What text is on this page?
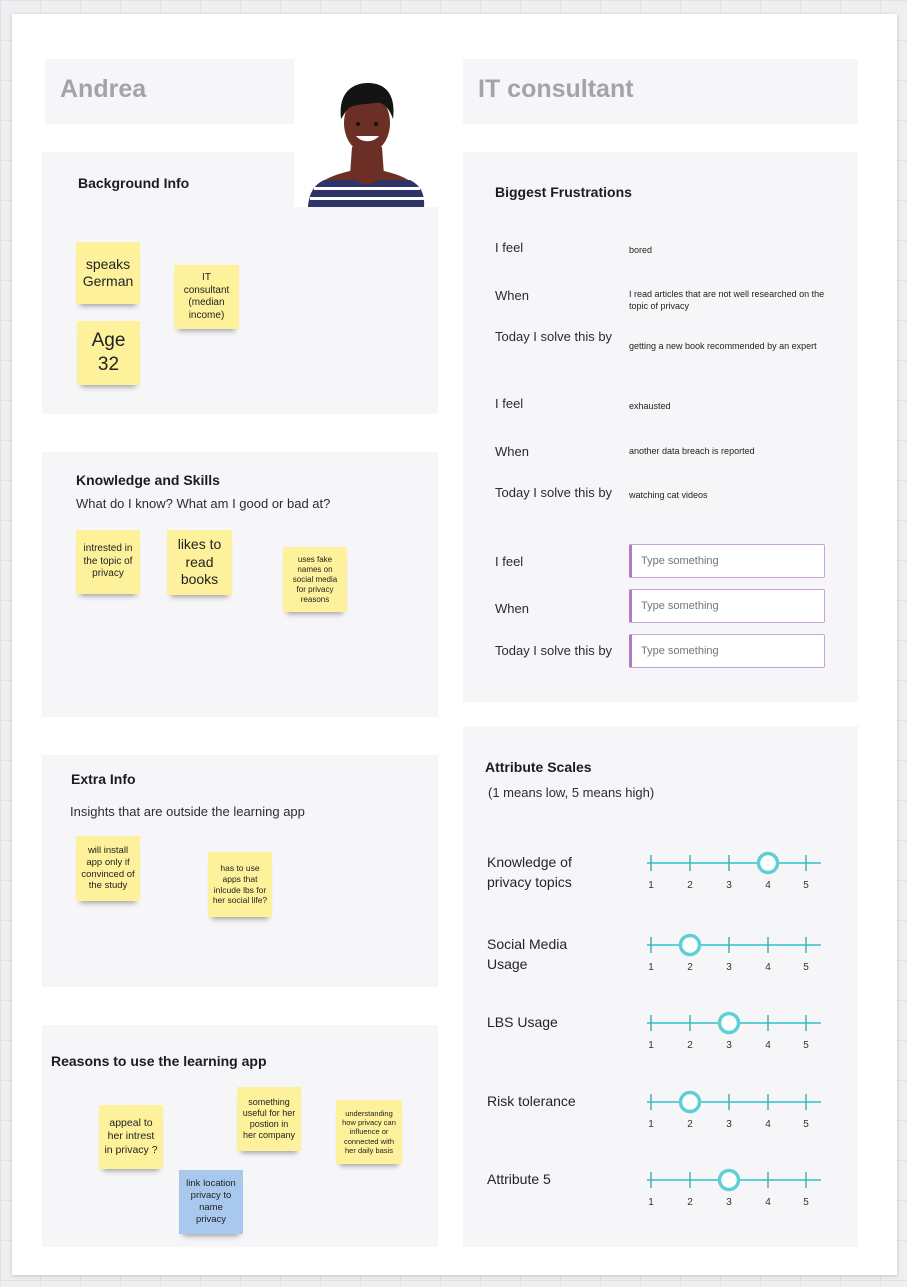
Andrea	IT consultant
Background Info
speaks
German
Age
32
IT
consultant
(median
income)
Knowledge and Skills
What do I know? What am I good or bad at?
intrested in
the topic of
privacy
likes to
read
books
uses fake
names on
social media
for privacy
reasons
Extra Info
Insights that are outside the learning app
will install
app only if
convinced of
the study
has to use
apps that
inlcude lbs for
her social life?
Reasons to use the learning app
appeal to
her intrest
in privacy ?
something
useful for her
postion in
her company
understanding
how privacy can
influence or
connected with
her daily basis
link location
privacy to
name
privacy
Biggest Frustrations
I feel	bored
When	I read articles that are not well researched on the topic of privacy
Today I solve this by
getting a new book recommended by an expert
I feel	exhausted
When	another data breach is reported
Today I solve this by watching cat videos
I feel
Type something
When
Type something
Today I solve this by
Type something
Attribute Scales
(1 means low, 5 means high)
Knowledge of
privacy topics	1	2	3	4	5
Social Media
Usage	1	2	3	4	5
LBS Usage
1	2	3	4	5
Risk tolerance
1	2	3	4	5
Attribute 5
1	2	3	4	5
